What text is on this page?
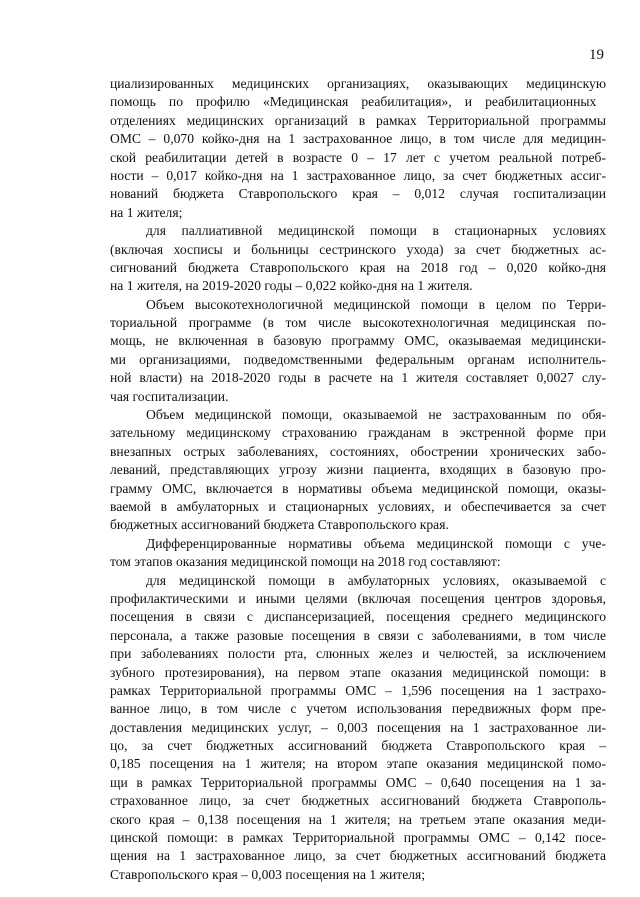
19
циализированных медицинских организациях, оказывающих медицинскую
помощь по профилю «Медицинская реабилитация», и реабилитационных
отделениях медицинских организаций в рамках Территориальной программы
ОМС – 0,070 койко-дня на 1 застрахованное лицо, в том числе для медицин-
ской реабилитации детей в возрасте 0 – 17 лет с учетом реальной потреб-
ности – 0,017 койко-дня на 1 застрахованное лицо, за счет бюджетных ассиг-
нований бюджета Ставропольского края – 0,012 случая госпитализации
на 1 жителя;
для паллиативной медицинской помощи в стационарных условиях
(включая хосписы и больницы сестринского ухода) за счет бюджетных ас-
сигнований бюджета Ставропольского края на 2018 год – 0,020 койко-дня
на 1 жителя, на 2019-2020 годы – 0,022 койко-дня на 1 жителя.
Объем высокотехнологичной медицинской помощи в целом по Терри-
ториальной программе (в том числе высокотехнологичная медицинская по-
мощь, не включенная в базовую программу ОМС, оказываемая медицински-
ми организациями, подведомственными федеральным органам исполнитель-
ной власти) на 2018-2020 годы в расчете на 1 жителя составляет 0,0027 слу-
чая госпитализации.
Объем медицинской помощи, оказываемой не застрахованным по обя-
зательному медицинскому страхованию гражданам в экстренной форме при
внезапных острых заболеваниях, состояниях, обострении хронических забо-
леваний, представляющих угрозу жизни пациента, входящих в базовую про-
грамму ОМС, включается в нормативы объема медицинской помощи, оказы-
ваемой в амбулаторных и стационарных условиях, и обеспечивается за счет
бюджетных ассигнований бюджета Ставропольского края.
Дифференцированные нормативы объема медицинской помощи с уче-
том этапов оказания медицинской помощи на 2018 год составляют:
для медицинской помощи в амбулаторных условиях, оказываемой с
профилактическими и иными целями (включая посещения центров здоровья,
посещения в связи с диспансеризацией, посещения среднего медицинского
персонала, а также разовые посещения в связи с заболеваниями, в том числе
при заболеваниях полости рта, слюнных желез и челюстей, за исключением
зубного протезирования), на первом этапе оказания медицинской помощи: в
рамках Территориальной программы ОМС – 1,596 посещения на 1 застрахо-
ванное лицо, в том числе с учетом использования передвижных форм пре-
доставления медицинских услуг, – 0,003 посещения на 1 застрахованное ли-
цо, за счет бюджетных ассигнований бюджета Ставропольского края –
0,185 посещения на 1 жителя; на втором этапе оказания медицинской помо-
щи в рамках Территориальной программы ОМС – 0,640 посещения на 1 за-
страхованное лицо, за счет бюджетных ассигнований бюджета Ставрополь-
ского края – 0,138 посещения на 1 жителя; на третьем этапе оказания меди-
цинской помощи: в рамках Территориальной программы ОМС – 0,142 посе-
щения на 1 застрахованное лицо, за счет бюджетных ассигнований бюджета
Ставропольского края – 0,003 посещения на 1 жителя;
